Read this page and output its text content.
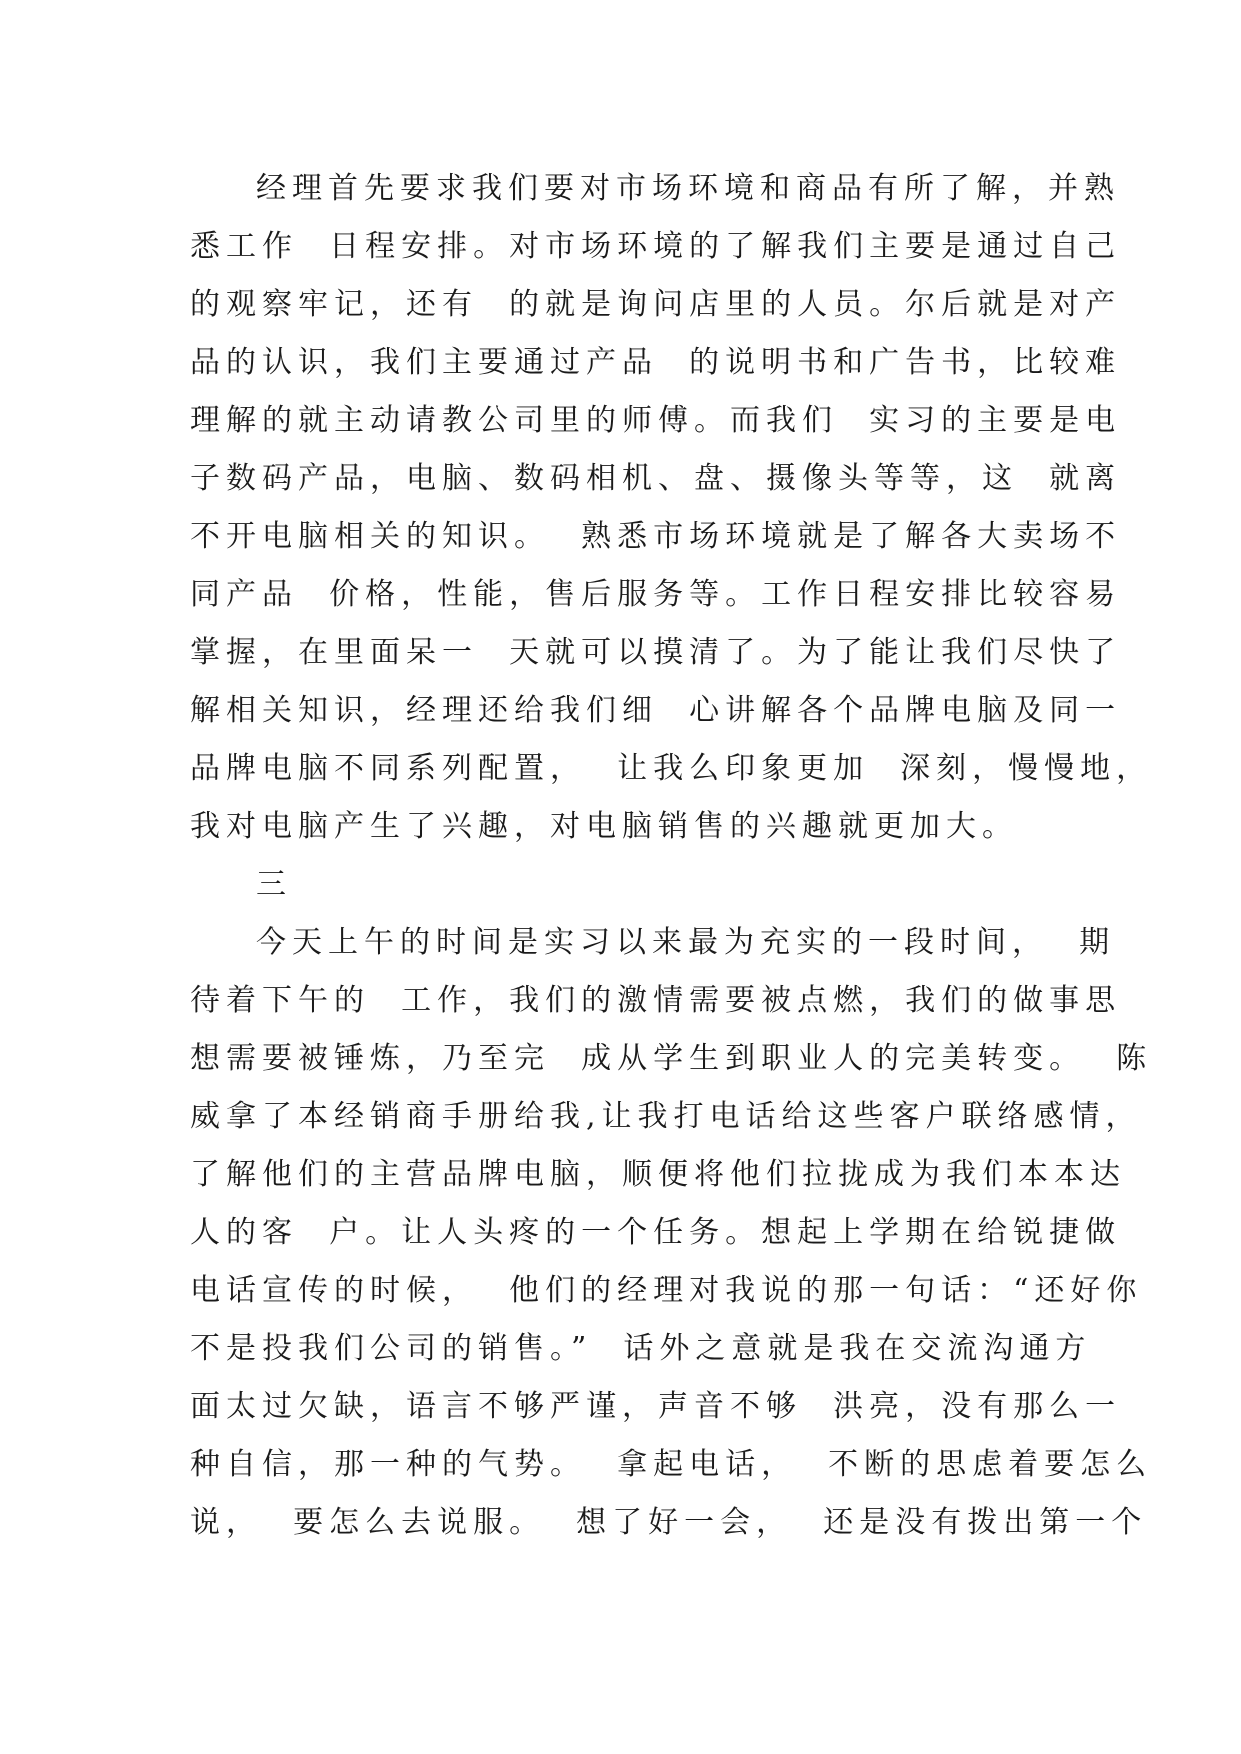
经理首先要求我们要对市场环境和商品有所了解，并熟
悉工作  日程安排。对市场环境的了解我们主要是通过自己
的观察牢记，还有  的就是询问店里的人员。尔后就是对产
品的认识，我们主要通过产品  的说明书和广告书，比较难
理解的就主动请教公司里的师傅。而我们  实习的主要是电
子数码产品，电脑、数码相机、盘、摄像头等等，这  就离
不开电脑相关的知识。  熟悉市场环境就是了解各大卖场不
同产品  价格，性能，售后服务等。工作日程安排比较容易
掌握，在里面呆一  天就可以摸清了。为了能让我们尽快了
解相关知识，经理还给我们细  心讲解各个品牌电脑及同一
品牌电脑不同系列配置，  让我么印象更加  深刻，慢慢地，
我对电脑产生了兴趣，对电脑销售的兴趣就更加大。
三
今天上午的时间是实习以来最为充实的一段时间，  期
待着下午的  工作，我们的激情需要被点燃，我们的做事思
想需要被锤炼，乃至完  成从学生到职业人的完美转变。  陈
威拿了本经销商手册给我,让我打电话给这些客户联络感情，
了解他们的主营品牌电脑，顺便将他们拉拢成为我们本本达
人的客  户。让人头疼的一个任务。想起上学期在给锐捷做
电话宣传的时候，  他们的经理对我说的那一句话：“还好你
不是投我们公司的销售。”  话外之意就是我在交流沟通方
面太过欠缺，语言不够严谨，声音不够  洪亮，没有那么一
种自信，那一种的气势。  拿起电话，  不断的思虑着要怎么
说，  要怎么去说服。  想了好一会，  还是没有拨出第一个
